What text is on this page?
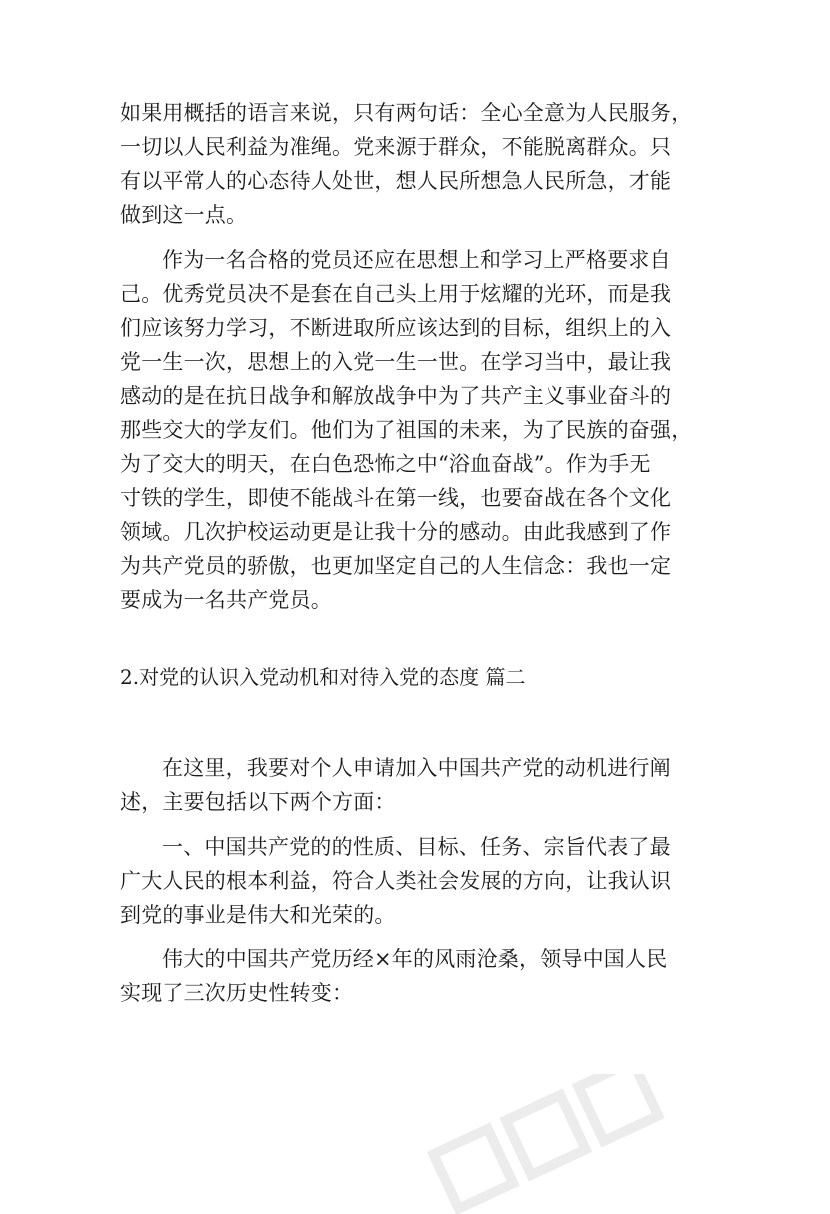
如果用概括的语言来说，只有两句话：全心全意为人民服务，
一切以人民利益为准绳。党来源于群众，不能脱离群众。只
有以平常人的心态待人处世，想人民所想急人民所急，才能
做到这一点。
作为一名合格的党员还应在思想上和学习上严格要求自
己。优秀党员决不是套在自己头上用于炫耀的光环，而是我
们应该努力学习，不断进取所应该达到的目标，组织上的入
党一生一次，思想上的入党一生一世。在学习当中，最让我
感动的是在抗日战争和解放战争中为了共产主义事业奋斗的
那些交大的学友们。他们为了祖国的未来，为了民族的奋强，
为了交大的明天，在白色恐怖之中“浴血奋战”。作为手无
寸铁的学生，即使不能战斗在第一线，也要奋战在各个文化
领域。几次护校运动更是让我十分的感动。由此我感到了作
为共产党员的骄傲，也更加坚定自己的人生信念：我也一定
要成为一名共产党员。
2.对党的认识入党动机和对待入党的态度 篇二
在这里，我要对个人申请加入中国共产党的动机进行阐
述，主要包括以下两个方面：
一、中国共产党的的性质、目标、任务、宗旨代表了最
广大人民的根本利益，符合人类社会发展的方向，让我认识
到党的事业是伟大和光荣的。
伟大的中国共产党历经×年的风雨沧桑，领导中国人民
实现了三次历史性转变：
